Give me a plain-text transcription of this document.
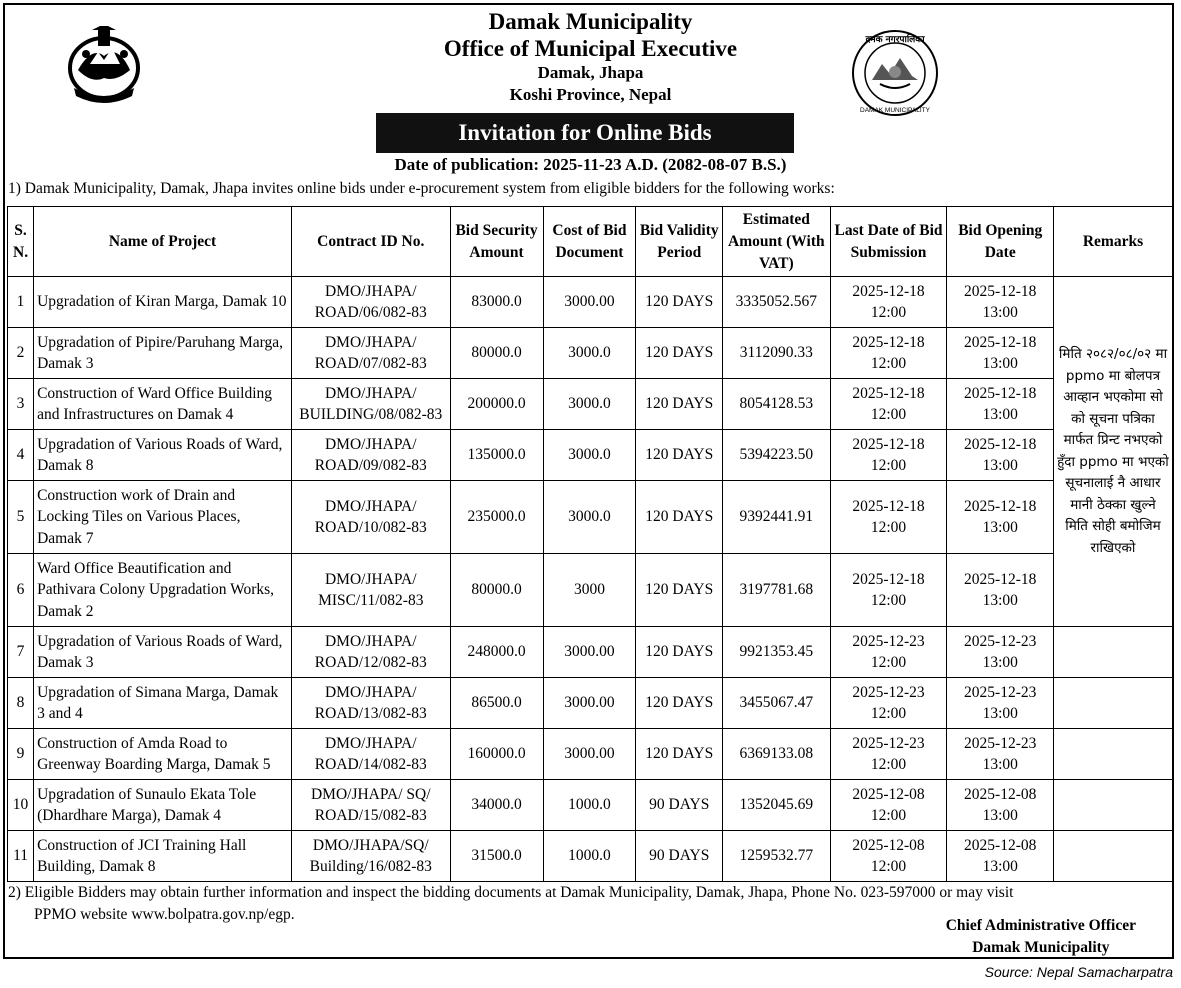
दमक नगरपालिका
DAMAK MUNICIPALITY
Damak Municipality
Office of Municipal Executive
Damak, Jhapa
Koshi Province, Nepal
Invitation for Online Bids
Date of publication: 2025-11-23 A.D. (2082-08-07 B.S.)
1) Damak Municipality, Damak, Jhapa invites online bids under e-procurement system from eligible bidders for the following works:
S. N.	Name of Project	Contract ID No.	Bid Security Amount	Cost of Bid Document	Bid Validity Period	Estimated Amount (With VAT)	Last Date of Bid Submission	Bid Opening Date	Remarks
1	Upgradation of Kiran Marga, Damak 10	DMO/JHAPA/ ROAD/06/082-83	83000.0	3000.00	120 DAYS	3335052.567	2025-12-18 12:00	2025-12-18 13:00	मिति २०८२/०८/०२ मा ppmo मा बोलपत्र आव्हान भएकोमा सो को सूचना पत्रिका मार्फत प्रिन्ट नभएको हुँदा ppmo मा भएको सूचनालाई नै आधार मानी ठेक्का खुल्ने मिति सोही बमोजिम राखिएको
2	Upgradation of Pipire/Paruhang Marga, Damak 3	DMO/JHAPA/ ROAD/07/082-83	80000.0	3000.0	120 DAYS	3112090.33	2025-12-18 12:00	2025-12-18 13:00	
3	Construction of Ward Office Building and Infrastructures on Damak 4	DMO/JHAPA/ BUILDING/08/082-83	200000.0	3000.0	120 DAYS	8054128.53	2025-12-18 12:00	2025-12-18 13:00	
4	Upgradation of Various Roads of Ward, Damak 8	DMO/JHAPA/ ROAD/09/082-83	135000.0	3000.0	120 DAYS	5394223.50	2025-12-18 12:00	2025-12-18 13:00	
5	Construction work of Drain and Locking Tiles on Various Places, Damak 7	DMO/JHAPA/ ROAD/10/082-83	235000.0	3000.0	120 DAYS	9392441.91	2025-12-18 12:00	2025-12-18 13:00	
6	Ward Office Beautification and Pathivara Colony Upgradation Works, Damak 2	DMO/JHAPA/ MISC/11/082-83	80000.0	3000	120 DAYS	3197781.68	2025-12-18 12:00	2025-12-18 13:00	
7	Upgradation of Various Roads of Ward, Damak 3	DMO/JHAPA/ ROAD/12/082-83	248000.0	3000.00	120 DAYS	9921353.45	2025-12-23 12:00	2025-12-23 13:00	
8	Upgradation of Simana Marga, Damak 3 and 4	DMO/JHAPA/ ROAD/13/082-83	86500.0	3000.00	120 DAYS	3455067.47	2025-12-23 12:00	2025-12-23 13:00	
9	Construction of Amda Road to Greenway Boarding Marga, Damak 5	DMO/JHAPA/ ROAD/14/082-83	160000.0	3000.00	120 DAYS	6369133.08	2025-12-23 12:00	2025-12-23 13:00	
10	Upgradation of Sunaulo Ekata Tole (Dhardhare Marga), Damak 4	DMO/JHAPA/ SQ/ ROAD/15/082-83	34000.0	1000.0	90 DAYS	1352045.69	2025-12-08 12:00	2025-12-08 13:00	
11	Construction of JCI Training Hall Building, Damak 8	DMO/JHAPA/SQ/ Building/16/082-83	31500.0	1000.0	90 DAYS	1259532.77	2025-12-08 12:00	2025-12-08 13:00	
2) Eligible Bidders may obtain further information and inspect the bidding documents at Damak Municipality, Damak, Jhapa, Phone No. 023-597000 or may visit
PPMO website www.bolpatra.gov.np/egp.
Chief Administrative Officer
Damak Municipality
Source: Nepal Samacharpatra
